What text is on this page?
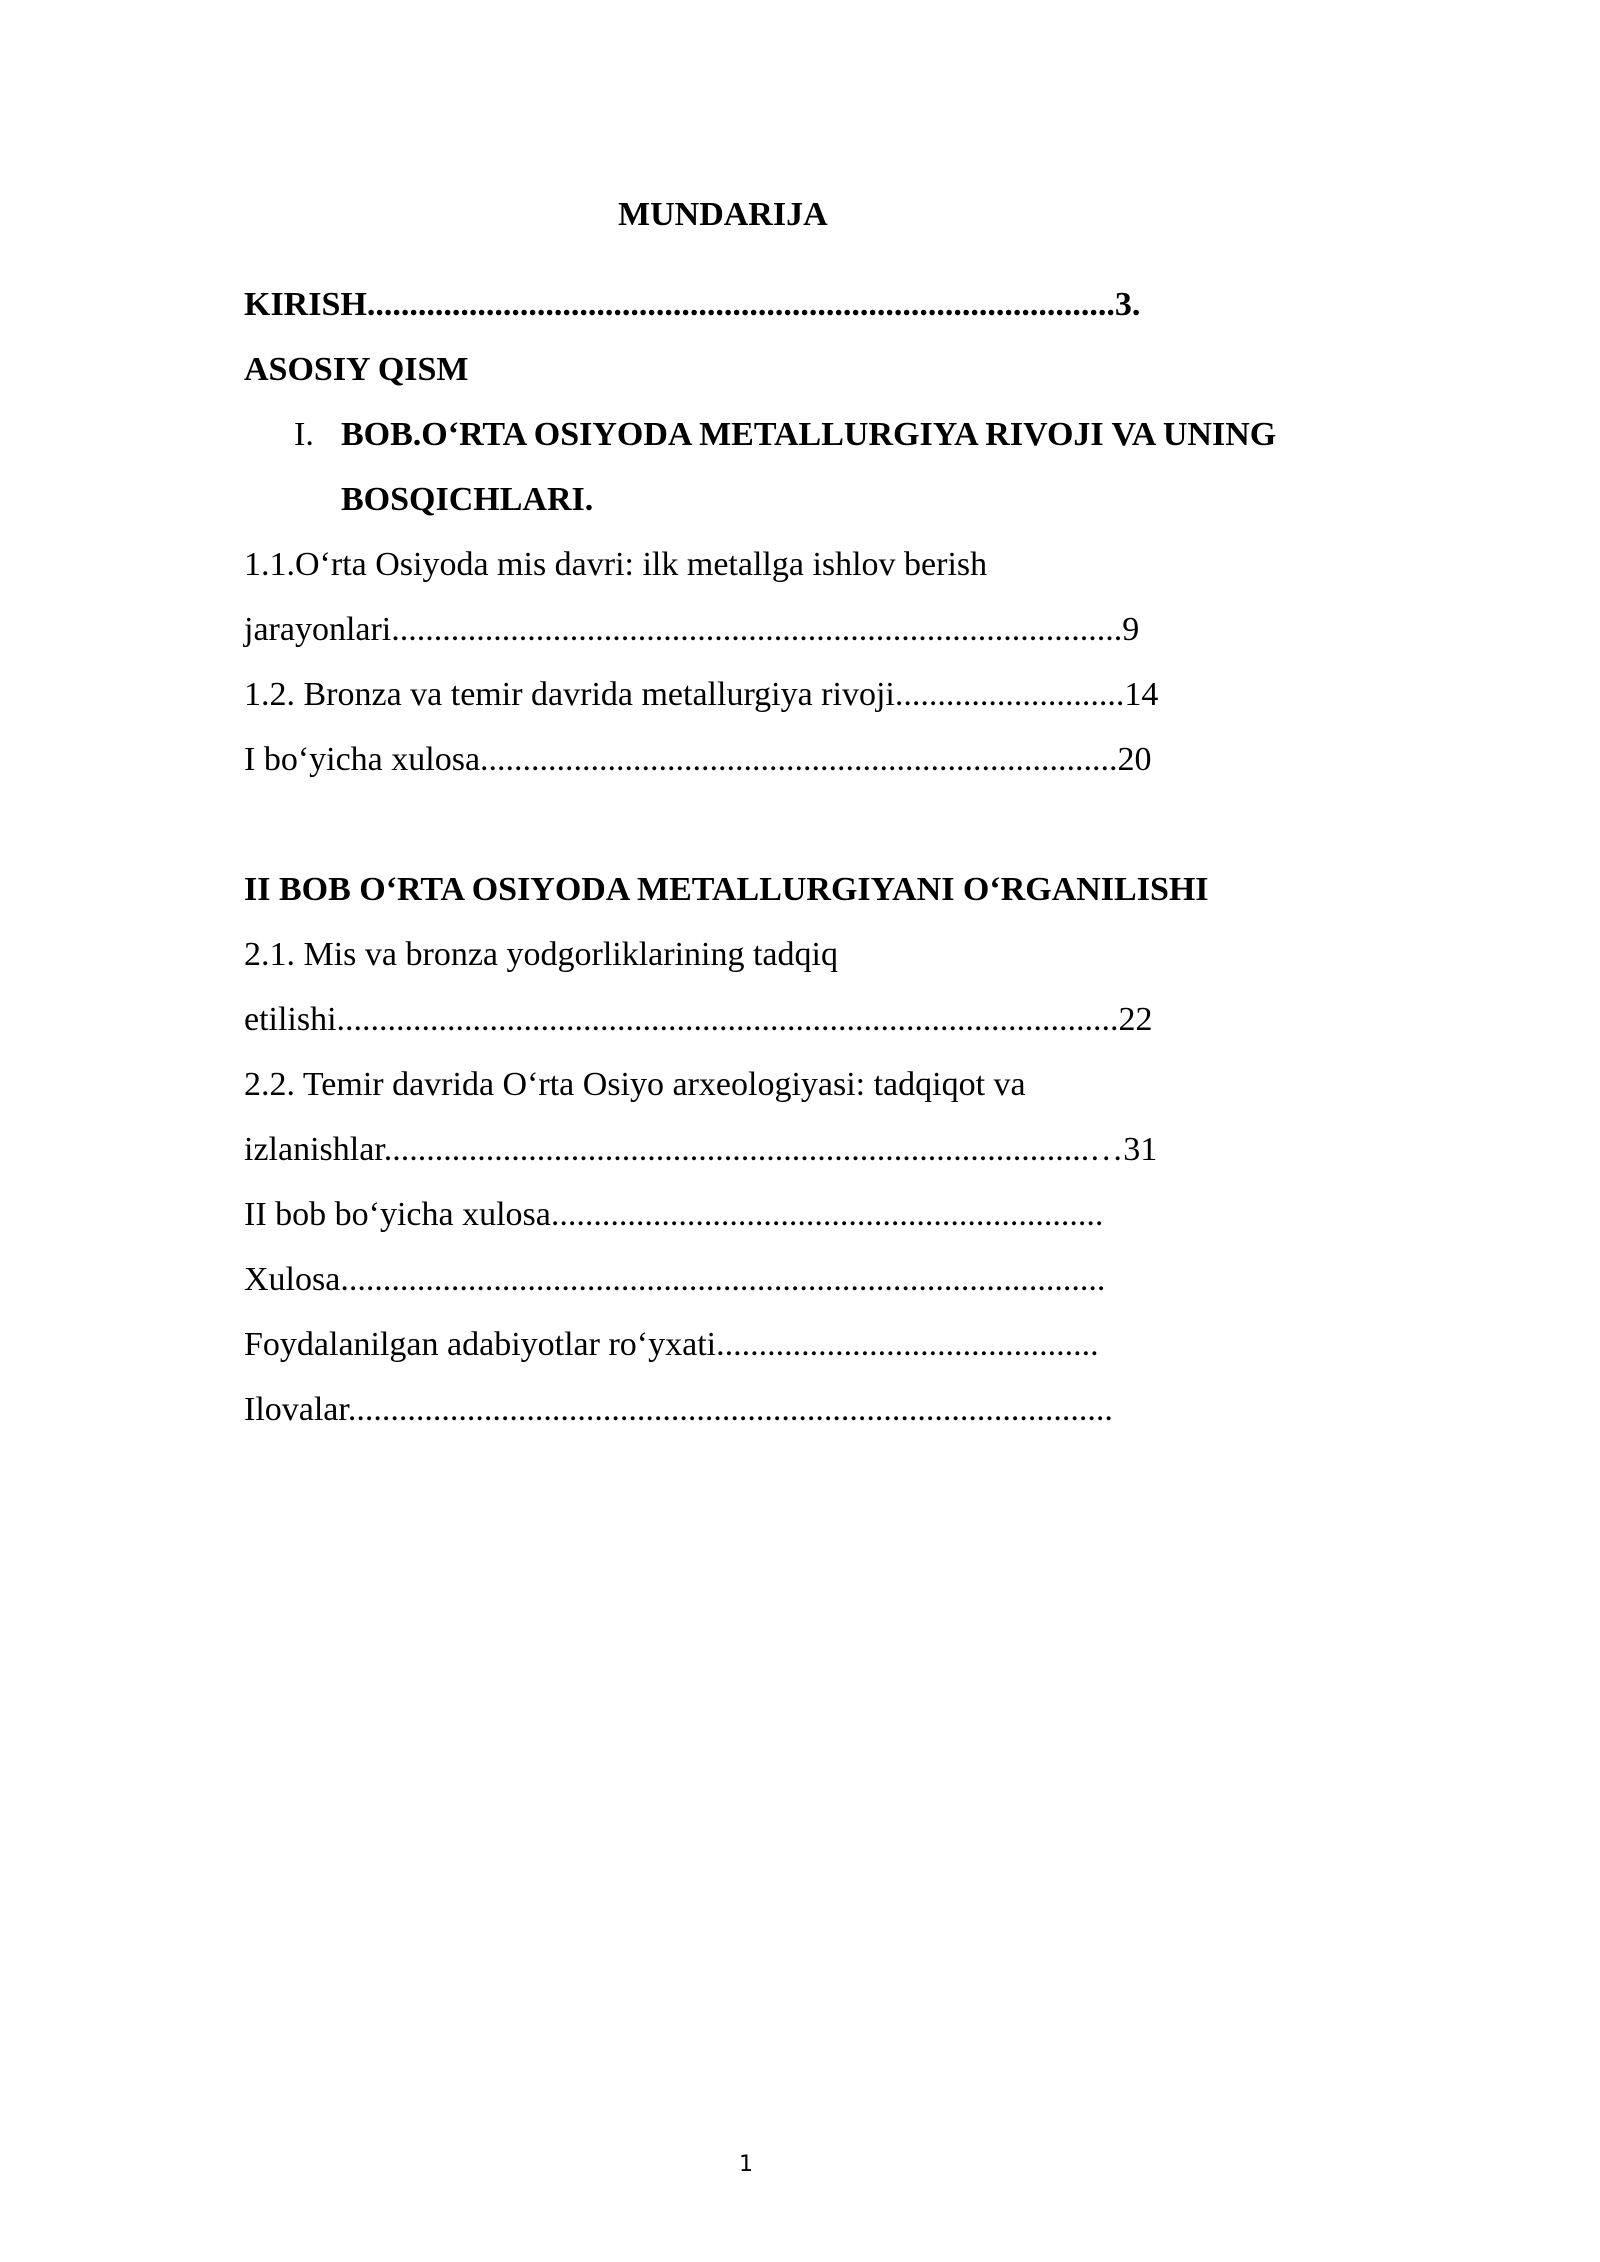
MUNDARIJA
KIRISH........................................................................................3.
ASOSIY QISM
I. BOB.O‘RTA OSIYODA METALLURGIYA RIVOJI VA UNING
BOSQICHLARI.
1.1.O‘rta Osiyoda mis davri: ilk metallga ishlov berish
jarayonlari......................................................................................9
1.2. Bronza va temir davrida metallurgiya rivoji...........................14
I bo‘yicha xulosa...........................................................................20
II BOB O‘RTA OSIYODA METALLURGIYANI O‘RGANILISHI
2.1. Mis va bronza yodgorliklarining tadqiq
etilishi............................................................................................22
2.2. Temir davrida O‘rta Osiyo arxeologiyasi: tadqiqot va
izlanishlar...................................................................................…31
II bob bo‘yicha xulosa.................................................................
Xulosa..........................................................................................
Foydalanilgan adabiyotlar ro‘yxati.............................................
Ilovalar..........................................................................................
1
